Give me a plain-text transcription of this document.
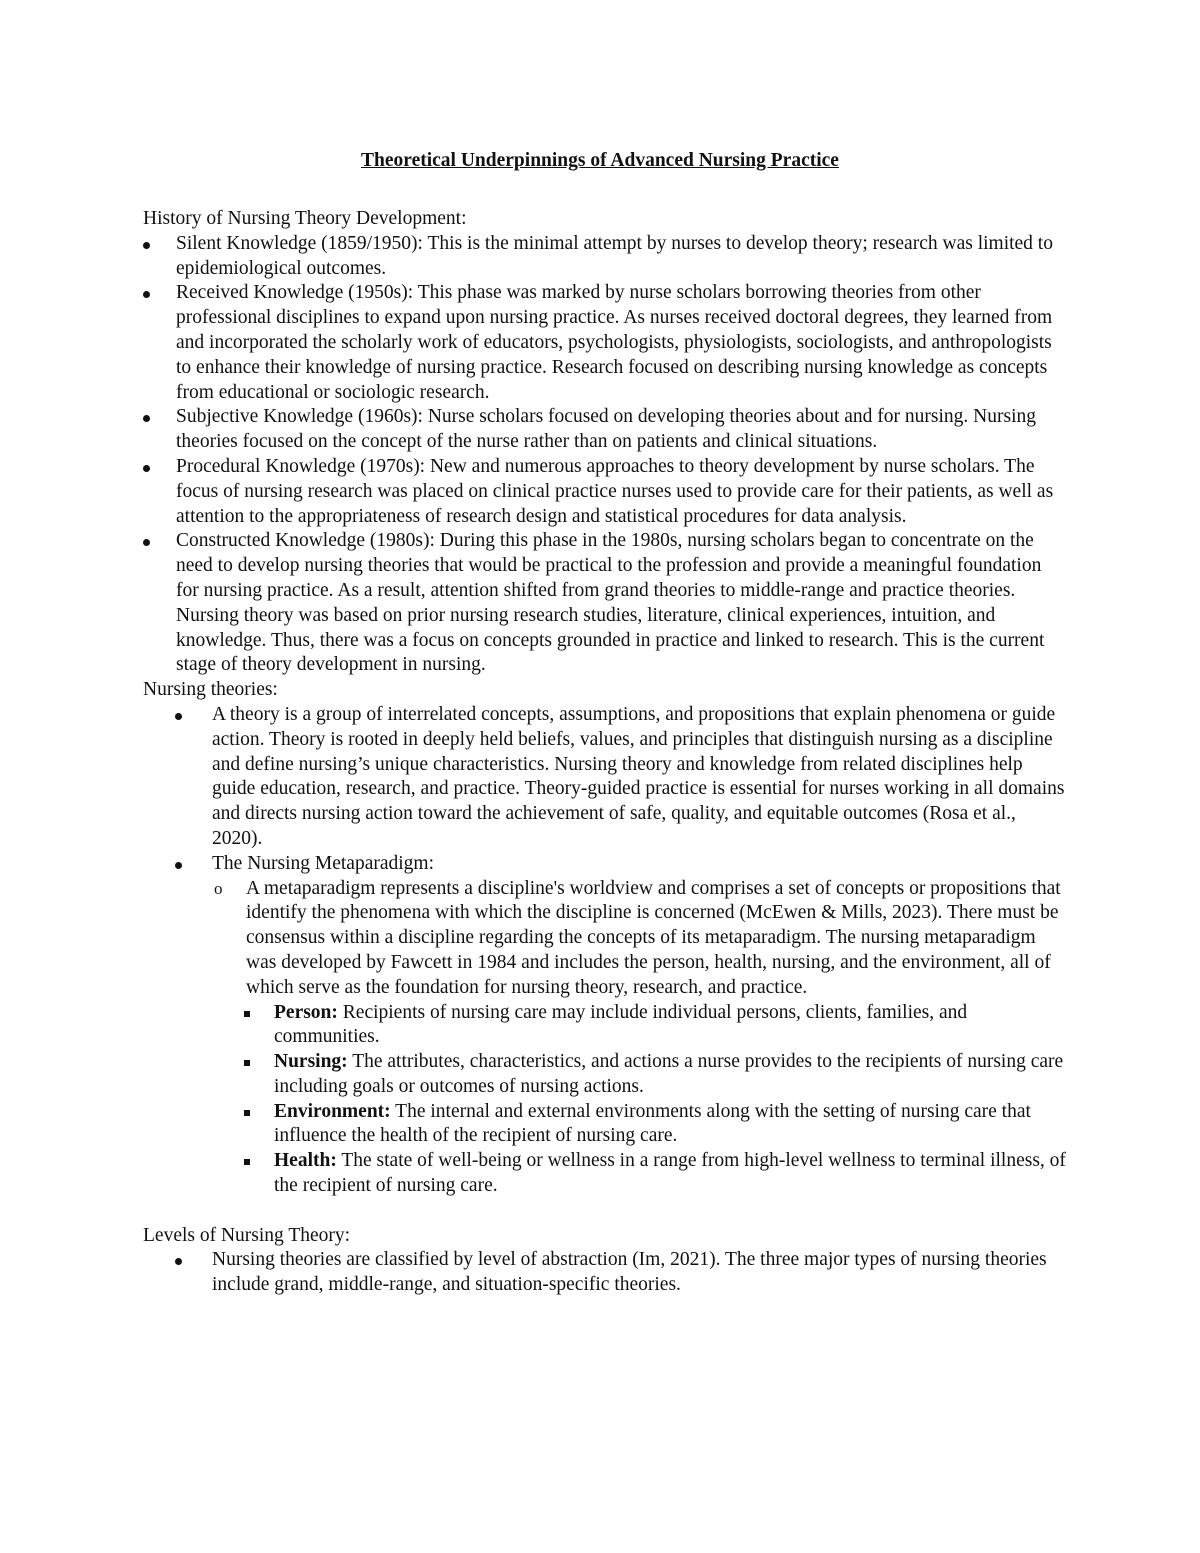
Theoretical Underpinnings of Advanced Nursing Practice

History of Nursing Theory Development:

Silent Knowledge (1859/1950): This is the minimal attempt by nurses to develop theory; research was limited to epidemiological outcomes.
Received Knowledge (1950s): This phase was marked by nurse scholars borrowing theories from other professional disciplines to expand upon nursing practice. As nurses received doctoral degrees, they learned from and incorporated the scholarly work of educators, psychologists, physiologists, sociologists, and anthropologists to enhance their knowledge of nursing practice. Research focused on describing nursing knowledge as concepts from educational or sociologic research.
Subjective Knowledge (1960s): Nurse scholars focused on developing theories about and for nursing. Nursing theories focused on the concept of the nurse rather than on patients and clinical situations.
Procedural Knowledge (1970s): New and numerous approaches to theory development by nurse scholars. The focus of nursing research was placed on clinical practice nurses used to provide care for their patients, as well as attention to the appropriateness of research design and statistical procedures for data analysis.
Constructed Knowledge (1980s): During this phase in the 1980s, nursing scholars began to concentrate on the need to develop nursing theories that would be practical to the profession and provide a meaningful foundation for nursing practice. As a result, attention shifted from grand theories to middle-range and practice theories. Nursing theory was based on prior nursing research studies, literature, clinical experiences, intuition, and knowledge. Thus, there was a focus on concepts grounded in practice and linked to research. This is the current stage of theory development in nursing.

Nursing theories:

A theory is a group of interrelated concepts, assumptions, and propositions that explain phenomena or guide action. Theory is rooted in deeply held beliefs, values, and principles that distinguish nursing as a discipline and define nursing’s unique characteristics. Nursing theory and knowledge from related disciplines help guide education, research, and practice. Theory-guided practice is essential for nurses working in all domains and directs nursing action toward the achievement of safe, quality, and equitable outcomes (Rosa et al., 2020).
The Nursing Metaparadigm:
o A metaparadigm represents a discipline's worldview and comprises a set of concepts or propositions that identify the phenomena with which the discipline is concerned (McEwen & Mills, 2023). There must be consensus within a discipline regarding the concepts of its metaparadigm. The nursing metaparadigm was developed by Fawcett in 1984 and includes the person, health, nursing, and the environment, all of which serve as the foundation for nursing theory, research, and practice.
Person: Recipients of nursing care may include individual persons, clients, families, and communities.
Nursing: The attributes, characteristics, and actions a nurse provides to the recipients of nursing care including goals or outcomes of nursing actions.
Environment: The internal and external environments along with the setting of nursing care that influence the health of the recipient of nursing care.
Health: The state of well-being or wellness in a range from high-level wellness to terminal illness, of the recipient of nursing care.

Levels of Nursing Theory:

Nursing theories are classified by level of abstraction (Im, 2021). The three major types of nursing theories include grand, middle-range, and situation-specific theories.
